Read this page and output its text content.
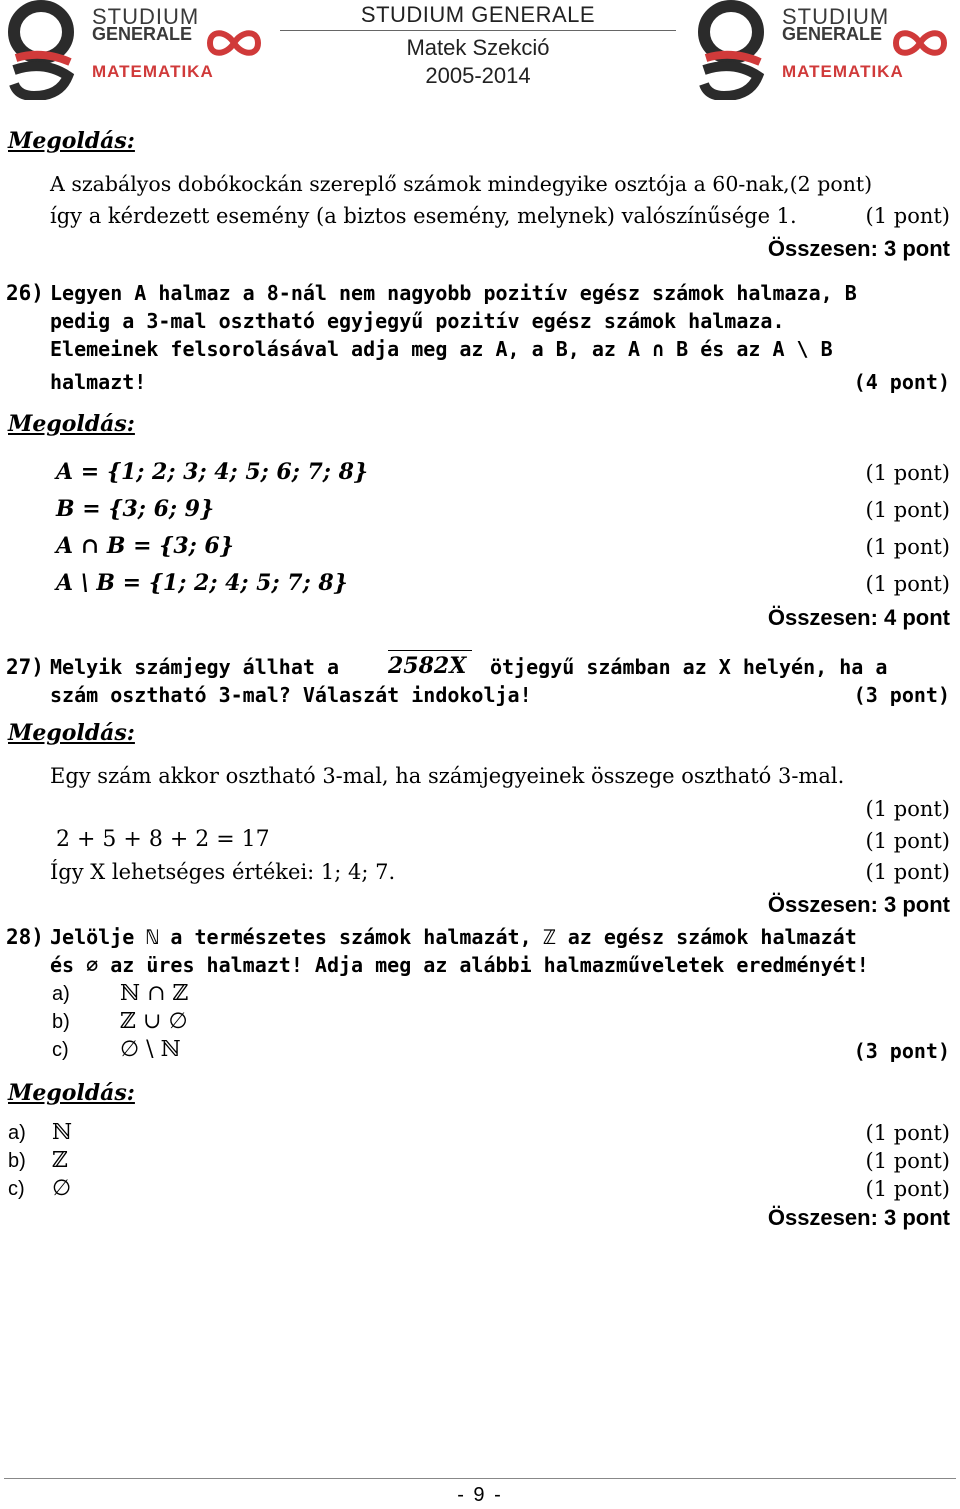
STUDIUM
GENERALE
MATEMATIKA
STUDIUM GENERALE
Matek Szekció
2005-2014
STUDIUM
GENERALE
MATEMATIKA
Megoldás:
A szabályos dobókockán szereplő számok mindegyike osztója a 60-nak,(2 pont)
így a kérdezett esemény (a biztos esemény, melynek) valószínűsége 1.	(1 pont)
Összesen: 3 pont
26) Legyen A halmaz a 8-nál nem nagyobb pozitív egész számok halmaza, B
pedig a 3-mal osztható egyjegyű pozitív egész számok halmaza.
Elemeinek felsorolásával adja meg az A, a B, az A ∩ B és az A \ B
halmazt!	(4 pont)
Megoldás:
A = {1; 2; 3; 4; 5; 6; 7; 8}	(1 pont)
B = {3; 6; 9}	(1 pont)
A ∩ B = {3; 6}	(1 pont)
A \ B = {1; 2; 4; 5; 7; 8}	(1 pont)
Összesen: 4 pont
27) Melyik számjegy állhat a 2582X ötjegyű számban az X helyén, ha a
szám osztható 3-mal? Válaszát indokolja!	(3 pont)
Megoldás:
Egy szám akkor osztható 3-mal, ha számjegyeinek összege osztható 3-mal.
(1 pont)
2 + 5 + 8 + 2 = 17	(1 pont)
Így X lehetséges értékei: 1; 4; 7.	(1 pont)
Összesen: 3 pont
28) Jelölje ℕ a természetes számok halmazát, ℤ az egész számok halmazát
és ∅ az üres halmazt! Adja meg az alábbi halmazműveletek eredményét!
a) ℕ ∩ ℤ
b) ℤ ∪ ∅
c) ∅ \ ℕ	(3 pont)
Megoldás:
a) ℕ	(1 pont)
b) ℤ	(1 pont)
c) ∅	(1 pont)
Összesen: 3 pont
- 9 -
